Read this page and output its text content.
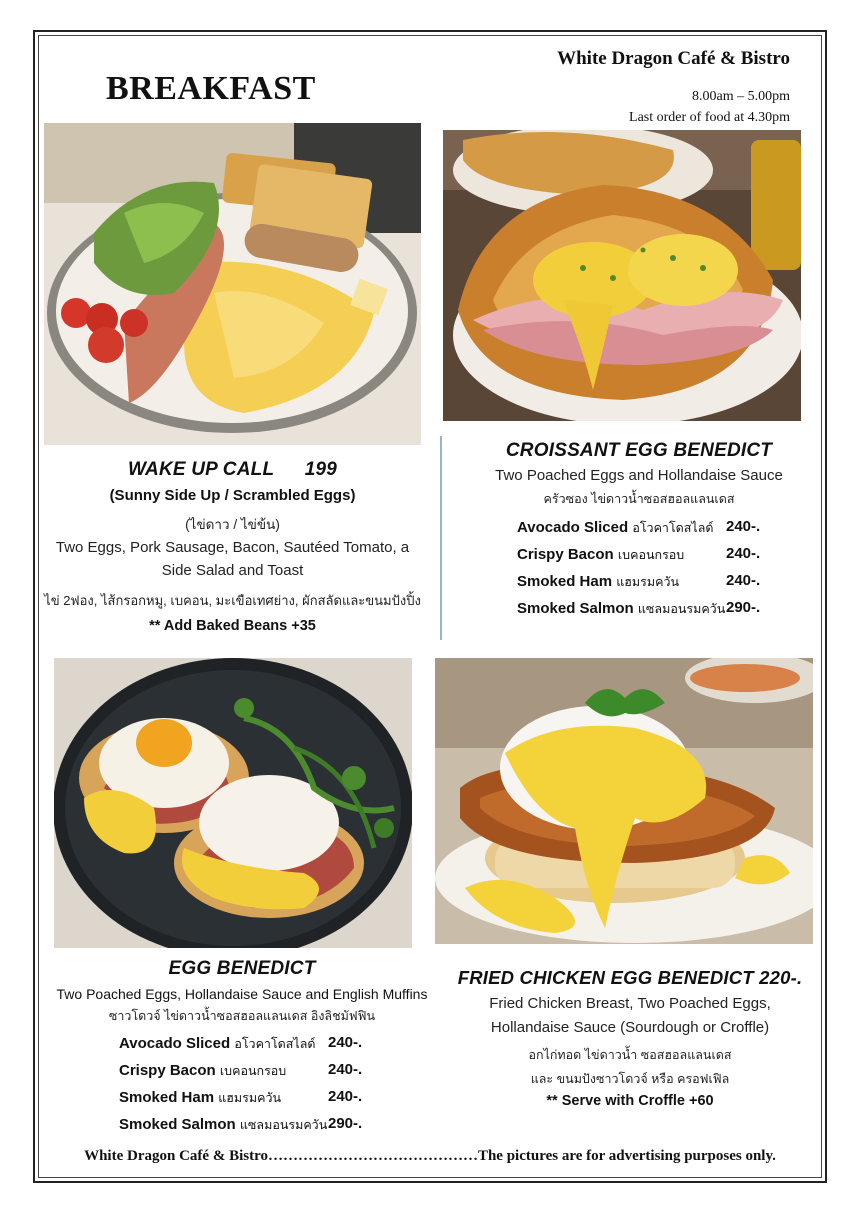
BREAKFAST
White Dragon Café & Bistro
8.00am – 5.00pm
Last order of food at 4.30pm
WAKE UP CALL 199
(Sunny Side Up / Scrambled Eggs)
(ไข่ดาว / ไข่ข้น)
Two Eggs, Pork Sausage, Bacon, Sautéed Tomato, a
Side Salad and Toast
ไข่ 2ฟอง, ไส้กรอกหมู, เบคอน, มะเขือเทศย่าง, ผักสลัดและขนมปังปิ้ง
** Add Baked Beans +35
CROISSANT EGG BENEDICT
Two Poached Eggs and Hollandaise Sauce
ครัวซอง ไข่ดาวน้ำซอสฮอลแลนเดส
Avocado Sliced อโวคาโดสไลด์ 240-.
Crispy Bacon เบคอนกรอบ	240-.
Smoked Ham แฮมรมควัน	240-.
Smoked Salmon แซลมอนรมควัน 290-.
EGG BENEDICT
Two Poached Eggs, Hollandaise Sauce and English Muffins
ซาวโดวจ์ ไข่ดาวน้ำซอสฮอลแลนเดส อิงลิชมัฟฟิน
Avocado Sliced อโวคาโดสไลด์ 240-.
Crispy Bacon เบคอนกรอบ	240-.
Smoked Ham แฮมรมควัน	240-.
Smoked Salmon แซลมอนรมควัน 290-.
FRIED CHICKEN EGG BENEDICT 220-.
Fried Chicken Breast, Two Poached Eggs,
Hollandaise Sauce (Sourdough or Croffle)
อกไก่ทอด ไข่ดาวน้ำ ซอสฮอลแลนเดส
และ ขนมปังซาวโดวจ์ หรือ ครอฟเฟิล
** Serve with Croffle +60
White Dragon Café & Bistro……………………………………The pictures are for advertising purposes only.
